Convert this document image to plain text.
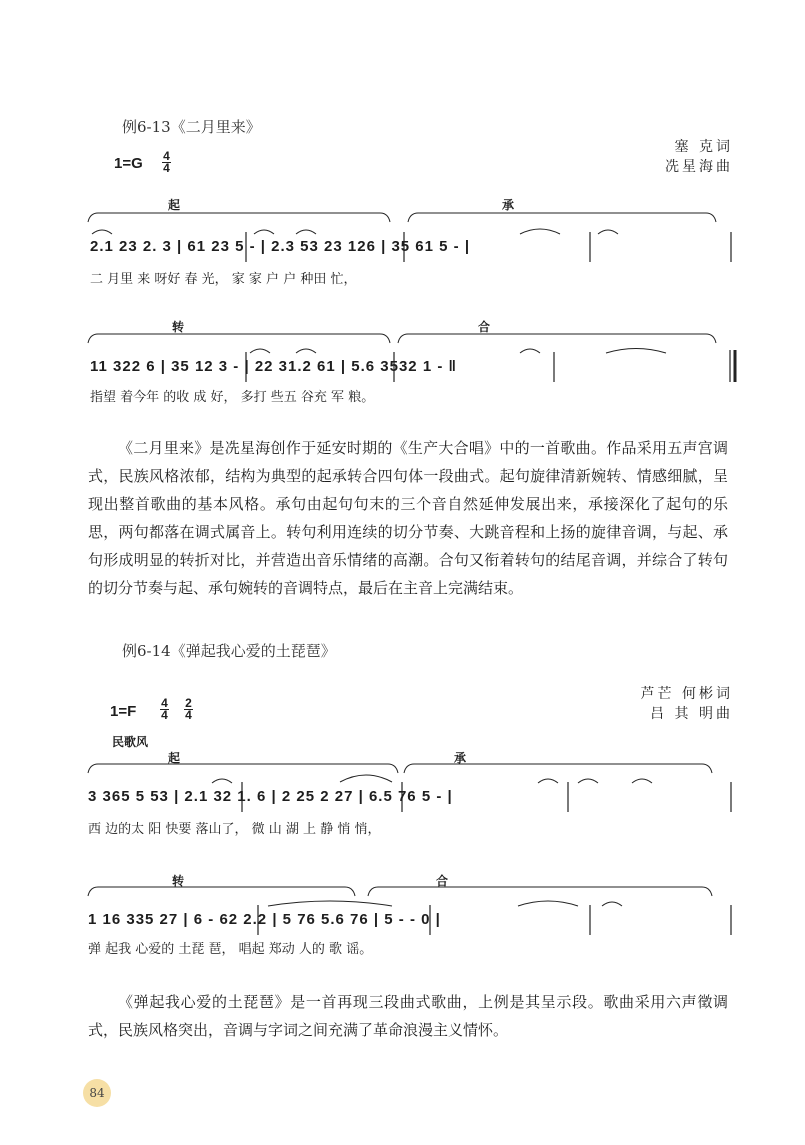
例6-13《二月里来》
塞 克词
冼星海曲
1=G 4
4
起	承
2.1 23 2. 3 | 61 23 5 - | 2.3 53 23 126 | 35 61 5 - |
二 月里 来 呀好 春 光， 家 家 户 户 种田 忙，
转	合
11 322 6 | 35 12 3 - | 22 31.2 61 | 5.6 3532 1 - ‖
指望 着今年 的收 成 好， 多打 些五 谷充 军 粮。
《二月里来》是冼星海创作于延安时期的《生产大合唱》中的一首歌曲。作品采用五声宫调式，民族风格浓郁，结构为典型的起承转合四句体一段曲式。起句旋律清新婉转、情感细腻，呈现出整首歌曲的基本风格。承句由起句句末的三个音自然延伸发展出来，承接深化了起句的乐思，两句都落在调式属音上。转句利用连续的切分节奏、大跳音程和上扬的旋律音调，与起、承句形成明显的转折对比，并营造出音乐情绪的高潮。合句又衔着转句的结尾音调，并综合了转句的切分节奏与起、承句婉转的音调特点，最后在主音上完满结束。
例6-14《弹起我心爱的土琵琶》
芦芒 何彬词
吕 其 明曲
1=F 4
4
2
4
民歌风
起	承
3 365 5 53 | 2.1 32 1. 6 | 2 25 2 27 | 6.5 76 5 - |
西 边的太 阳 快要 落山了， 微 山 湖 上 静 悄 悄，
转	合
1 16 335 27 | 6 - 62 2.2 | 5 76 5.6 76 | 5 - - 0 |
弹 起我 心爱的 土琵 琶， 唱起 郑动 人的 歌 谣。
《弹起我心爱的土琵琶》是一首再现三段曲式歌曲，上例是其呈示段。歌曲采用六声徵调式，民族风格突出，音调与字词之间充满了革命浪漫主义情怀。
84
